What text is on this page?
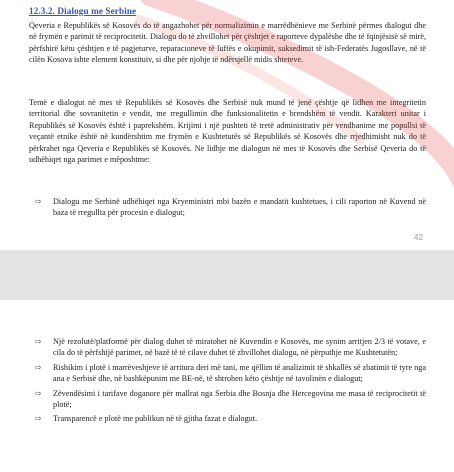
12.3.2. Dialogu me Serbine

Qeveria e Republikës së Kosovës do të angazhohet për normalizimin e marrëdhënieve me Serbinë përmes dialogut dhe në frymën e parimit të reciprocitetit. Dialogu do të zhvillohet për çështjet e raporteve dypalëshe dhe të fqinjësisë së mirë, përfshirë këtu çështjen e të pagjeturve, reparacioneve të luftës e okupimit, suksedimit të ish-Federatës Jugosllave, në të cilën Kosova ishte element konstituiv, si dhe për njohje të ndërsjellë midis shteteve.

Temë e dialogut në mes të Republikës së Kosovës dhe Serbisë nuk mund të jenë çështje që lidhen me integritetin territorial dhe sovranitetin e vendit, me rregullimin dhe funksionalitetin e brendshëm të vendit. Karakteri unitar i Republikës së Kosovës është i paprekshëm. Krijimi i një pushteti të tretë administrativ për vendbanime me popullsi të veçantë etnike është në kundërshtim me frymën e Kushtetutës së Republikës së Kosovës dhe rrjedhimisht nuk do të përkrahet nga Qeveria e Republikës së Kosovës. Ne lidhje me dialogun në mes të Kosovës dhe Serbisë Qeveria do të udhëhiqet nga parimet e mëposhtme:

⇨ Dialogu me Serbinë udhëhiqet nga Kryeministri mbi bazën e mandatit kushtetues, i cili raporton në Kuvend në baza të rregullta për procesin e dialogut;
42
⇨ Një rezolutë/platformë për dialog duhet të miratohet në Kuvendin e Kosovës, me synim arritjen 2/3 të votave, e cila do të përfshijë parimet, në bazë të të cilave duhet të zhvillohet dialogu, në përputhje me Kushtetutën;
⇨ Rishikim i plotë i marrëveshjeve të arritura deri më tani, me qëllim të analizimit të shkallës së zbatimit të tyre nga ana e Serbisë dhe, në bashkëpunim me BE-në, të shtrohen këto çështje në tavolinën e dialogut;
⇨ Zëvendësimi i tarifave doganore për mallrat nga Serbia dhe Bosnja dhe Hercegovina me masa të reciprocitetit të plotë;
⇨ Transparencë e plotë me publikun në të gjitha fazat e dialogut.
